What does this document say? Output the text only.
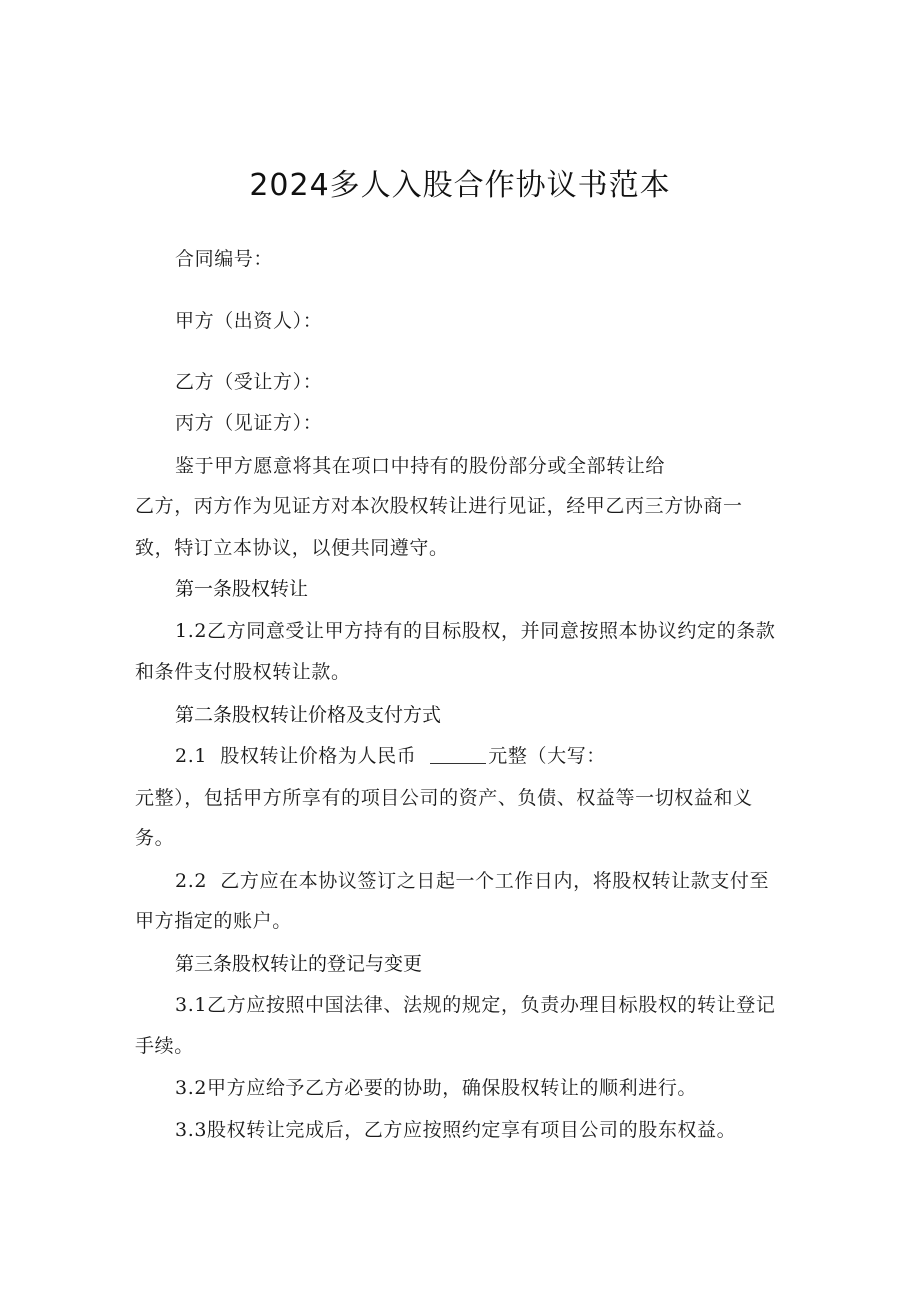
2024多人入股合作协议书范本
合同编号：
甲方（出资人）：
乙方（受让方）：
丙方（见证方）：
鉴于甲方愿意将其在项口中持有的股份部分或全部转让给
乙方，丙方作为见证方对本次股权转让进行见证，经甲乙丙三方协商一
致，特订立本协议，以便共同遵守。
第一条股权转让
1.2乙方同意受让甲方持有的目标股权，并同意按照本协议约定的条款
和条件支付股权转让款。
第二条股权转让价格及支付方式
2.1  股权转让价格为人民币	元整（大写：
元整），包括甲方所享有的项目公司的资产、负债、权益等一切权益和义
务。
2.2  乙方应在本协议签订之日起一个工作日内，将股权转让款支付至
甲方指定的账户。
第三条股权转让的登记与变更
3.1乙方应按照中国法律、法规的规定，负责办理目标股权的转让登记
手续。
3.2甲方应给予乙方必要的协助，确保股权转让的顺利进行。
3.3股权转让完成后，乙方应按照约定享有项目公司的股东权益。
